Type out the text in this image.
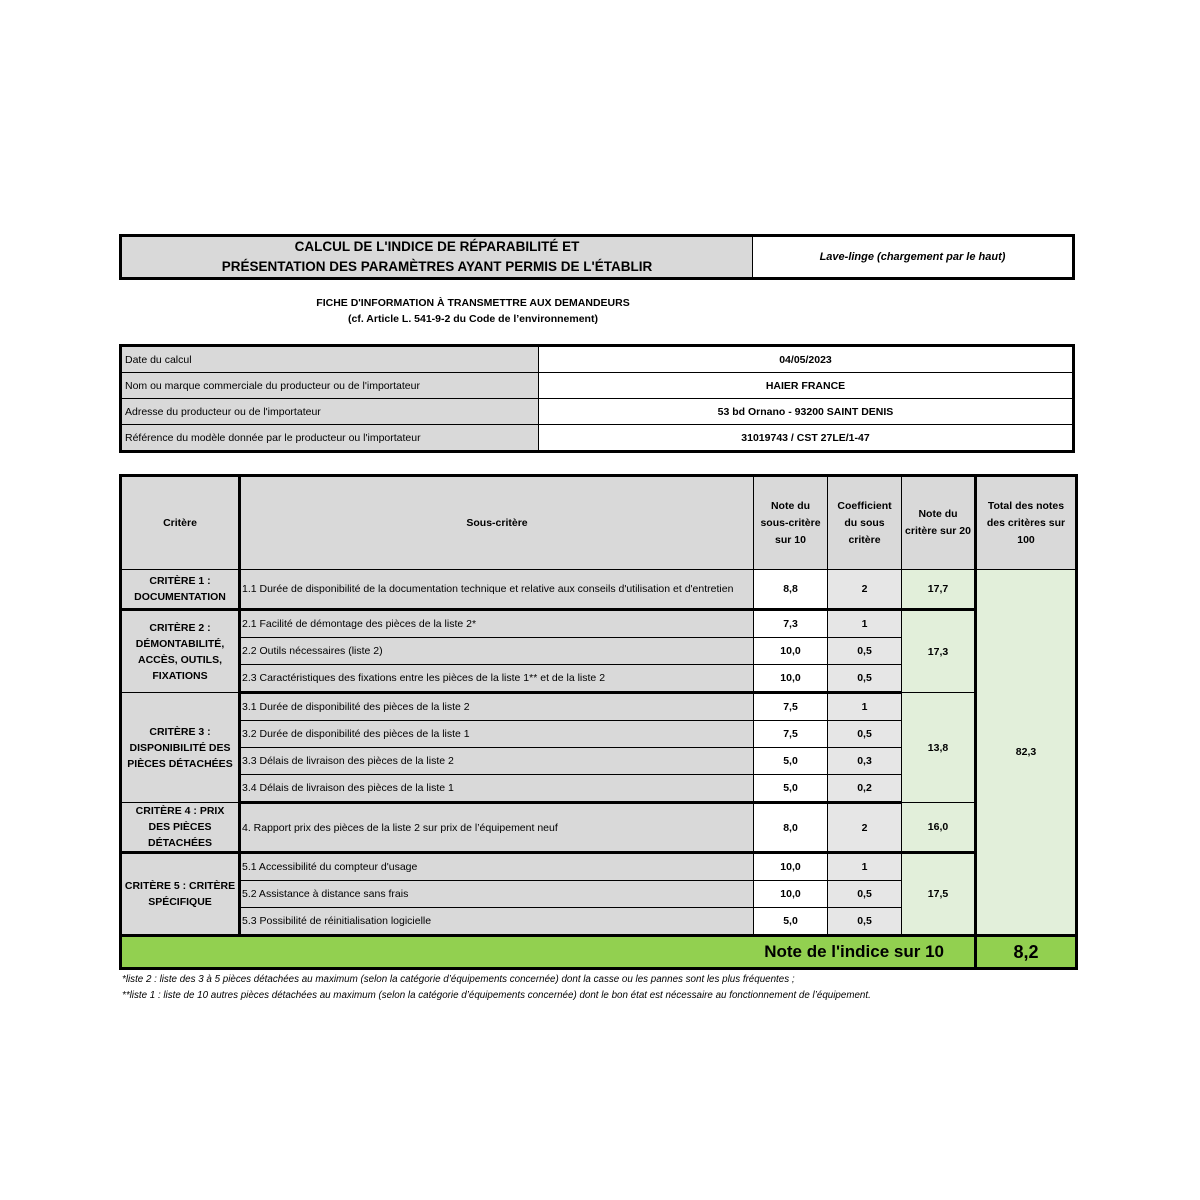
CALCUL DE L'INDICE DE RÉPARABILITÉ ET
PRÉSENTATION DES PARAMÈTRES AYANT PERMIS DE L'ÉTABLIR
Lave-linge (chargement par le haut)
FICHE D'INFORMATION À TRANSMETTRE AUX DEMANDEURS
(cf. Article L. 541-9-2 du Code de l’environnement)
Date du calcul	04/05/2023
Nom ou marque commerciale du producteur ou de l'importateur	HAIER FRANCE
Adresse du producteur ou de l'importateur	53 bd Ornano - 93200 SAINT DENIS
Référence du modèle donnée par le producteur ou l'importateur	31019743 / CST 27LE/1-47
Critère	Sous-critère	Note du sous-critère sur 10	Coefficient du sous critère	Note du critère sur 20	Total des notes des critères sur 100
CRITÈRE 1 : DOCUMENTATION	1.1 Durée de disponibilité de la documentation technique et relative aux conseils d'utilisation et d'entretien	8,8	2	17,7	82,3
CRITÈRE 2 : DÉMONTABILITÉ, ACCÈS, OUTILS, FIXATIONS	2.1 Facilité de démontage des pièces de la liste 2*	7,3	1	17,3	
	2.2 Outils nécessaires (liste 2)	10,0	0,5		
	2.3 Caractéristiques des fixations entre les pièces de la liste 1** et de la liste 2	10,0	0,5		
CRITÈRE 3 : DISPONIBILITÉ DES PIÈCES DÉTACHÉES	3.1 Durée de disponibilité des pièces de la liste 2	7,5	1	13,8	
	3.2 Durée de disponibilité des pièces de la liste 1	7,5	0,5		
	3.3 Délais de livraison des pièces de la liste 2	5,0	0,3		
	3.4 Délais de livraison des pièces de la liste 1	5,0	0,2		
CRITÈRE 4 : PRIX DES PIÈCES DÉTACHÉES	4. Rapport prix des pièces de la liste 2 sur prix de l’équipement neuf	8,0	2	16,0	
CRITÈRE 5 : CRITÈRE SPÉCIFIQUE	5.1 Accessibilité du compteur d'usage	10,0	1	17,5	
	5.2 Assistance à distance sans frais	10,0	0,5		
	5.3 Possibilité de réinitialisation logicielle	5,0	0,5		
Note de l'indice sur 10					8,2
*liste 2 : liste des 3 à 5 pièces détachées au maximum (selon la catégorie d’équipements concernée) dont la casse ou les pannes sont les plus fréquentes ;
**liste 1 : liste de 10 autres pièces détachées au maximum (selon la catégorie d’équipements concernée) dont le bon état est nécessaire au fonctionnement de l’équipement.
